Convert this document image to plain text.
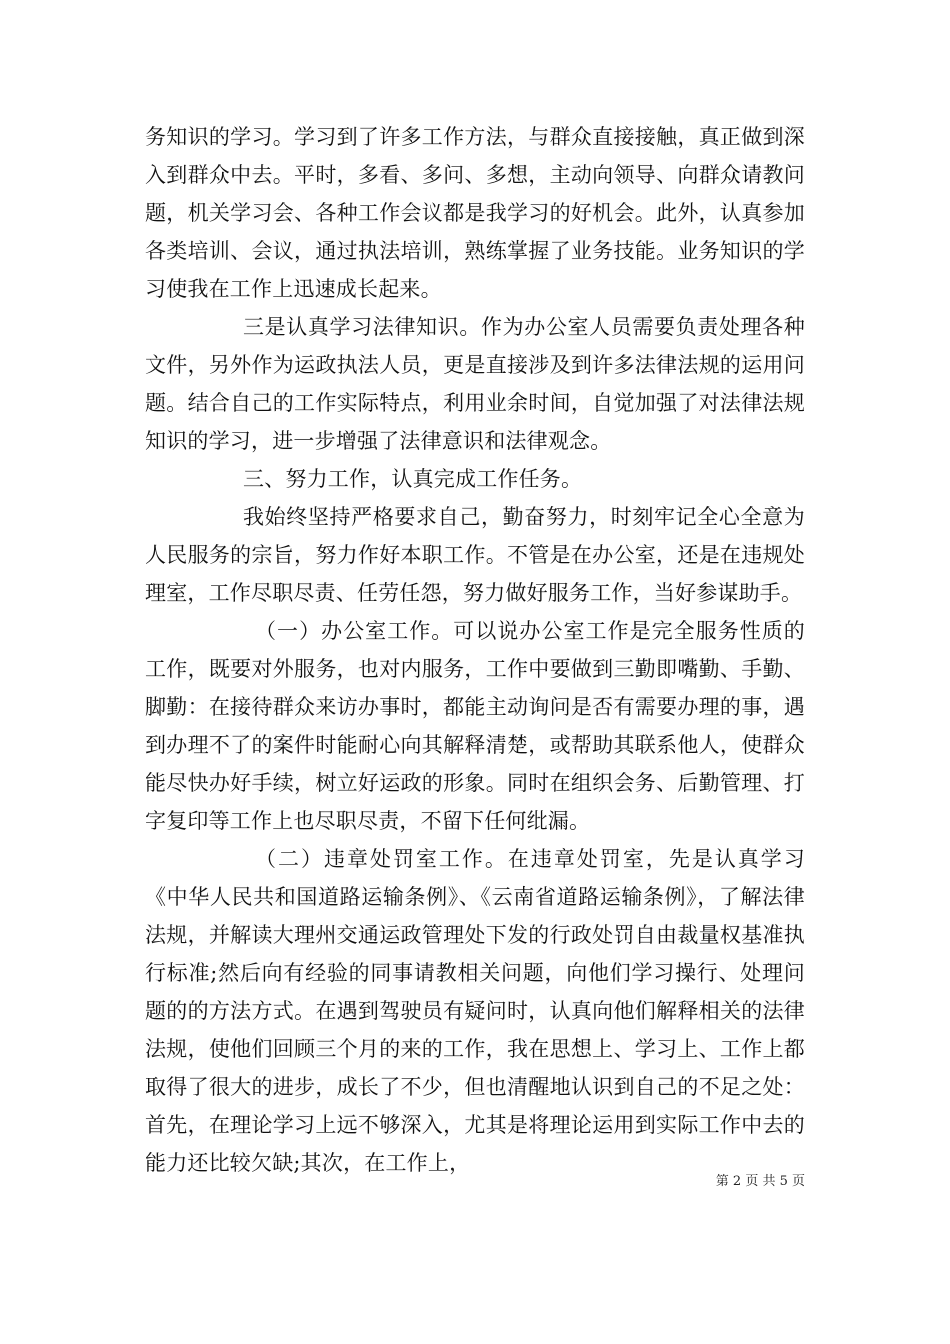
务知识的学习。学习到了许多工作方法，与群众直接接触，真正做到深入到群众中去。平时，多看、多问、多想，主动向领导、向群众请教问题，机关学习会、各种工作会议都是我学习的好机会。此外，认真参加各类培训、会议，通过执法培训，熟练掌握了业务技能。业务知识的学习使我在工作上迅速成长起来。

三是认真学习法律知识。作为办公室人员需要负责处理各种文件，另外作为运政执法人员，更是直接涉及到许多法律法规的运用问题。结合自己的工作实际特点，利用业余时间，自觉加强了对法律法规知识的学习，进一步增强了法律意识和法律观念。

三、努力工作，认真完成工作任务。

我始终坚持严格要求自己，勤奋努力，时刻牢记全心全意为人民服务的宗旨，努力作好本职工作。不管是在办公室，还是在违规处理室，工作尽职尽责、任劳任怨，努力做好服务工作，当好参谋助手。

（一）办公室工作。可以说办公室工作是完全服务性质的工作，既要对外服务，也对内服务，工作中要做到三勤即嘴勤、手勤、脚勤：在接待群众来访办事时，都能主动询问是否有需要办理的事，遇到办理不了的案件时能耐心向其解释清楚，或帮助其联系他人，使群众能尽快办好手续，树立好运政的形象。同时在组织会务、后勤管理、打字复印等工作上也尽职尽责，不留下任何纰漏。

（二）违章处罚室工作。在违章处罚室，先是认真学习《中华人民共和国道路运输条例》、《云南省道路运输条例》，了解法律法规，并解读大理州交通运政管理处下发的行政处罚自由裁量权基准执行标准;然后向有经验的同事请教相关问题，向他们学习操行、处理问题的的方法方式。在遇到驾驶员有疑问时，认真向他们解释相关的法律法规，使他们回顾三个月的来的工作，我在思想上、学习上、工作上都取得了很大的进步，成长了不少，但也清醒地认识到自己的不足之处：首先，在理论学习上远不够深入，尤其是将理论运用到实际工作中去的能力还比较欠缺;其次，在工作上，

第 2 页 共 5 页
